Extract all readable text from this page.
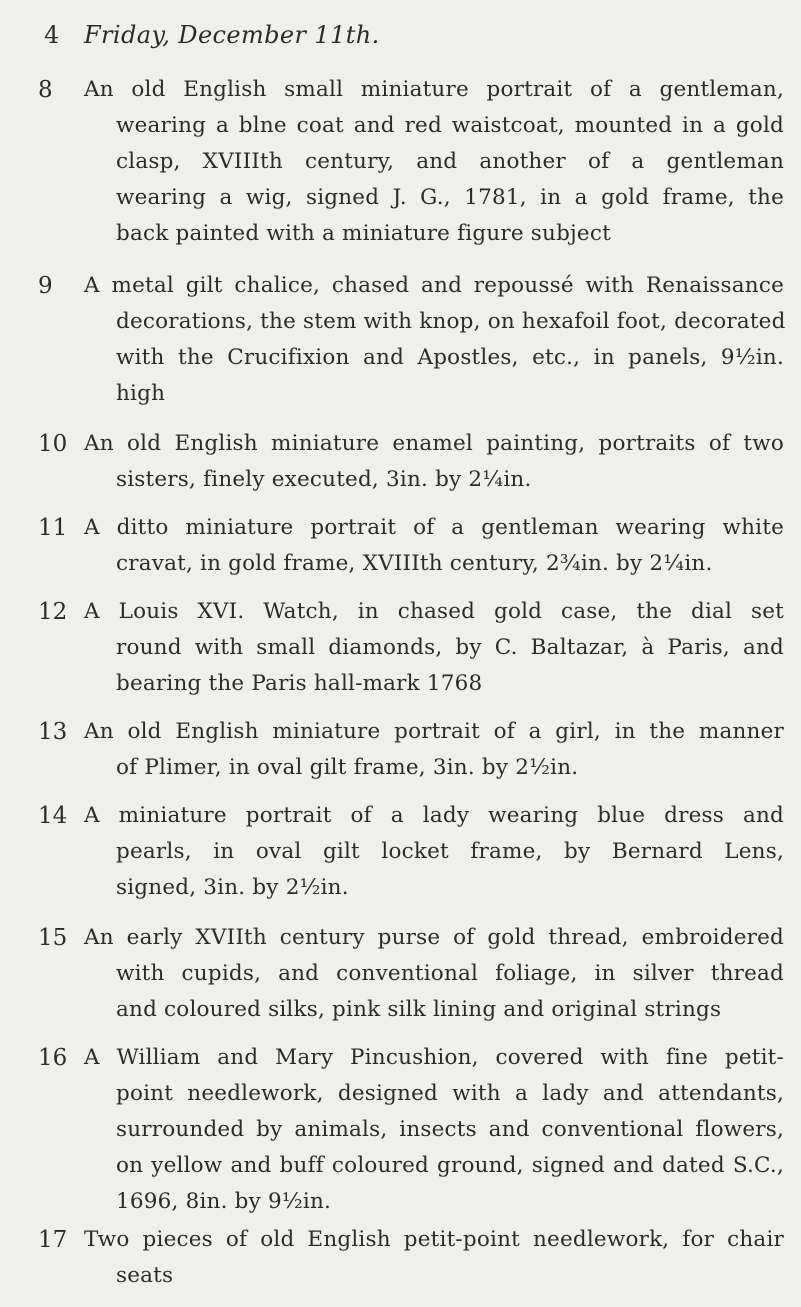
4 Friday, December 11th.
8	An old English small miniature portrait of a gentleman,
wearing a blne coat and red waistcoat, mounted in a gold
clasp, XVIIIth century, and another of a gentleman
wearing a wig, signed J. G., 1781, in a gold frame, the
back painted with a miniature figure subject
9	A metal gilt chalice, chased and repoussé with Renaissance
decorations, the stem with knop, on hexafoil foot, decorated
with the Crucifixion and Apostles, etc., in panels, 9½in.
high
10 An old English miniature enamel painting, portraits of two
sisters, finely executed, 3in. by 2¼in.
11 A ditto miniature portrait of a gentleman wearing white
cravat, in gold frame, XVIIIth century, 2¾in. by 2¼in.
12 A Louis XVI. Watch, in chased gold case, the dial set
round with small diamonds, by C. Baltazar, à Paris, and
bearing the Paris hall-mark 1768
13 An old English miniature portrait of a girl, in the manner
of Plimer, in oval gilt frame, 3in. by 2½in.
14 A miniature portrait of a lady wearing blue dress and
pearls, in oval gilt locket frame, by Bernard Lens,
signed, 3in. by 2½in.
15 An early XVIIth century purse of gold thread, embroidered
with cupids, and conventional foliage, in silver thread
and coloured silks, pink silk lining and original strings
16 A William and Mary Pincushion, covered with fine petit-
point needlework, designed with a lady and attendants,
surrounded by animals, insects and conventional flowers,
on yellow and buff coloured ground, signed and dated S.C.,
1696, 8in. by 9½in.
17 Two pieces of old English petit-point needlework, for chair
seats
